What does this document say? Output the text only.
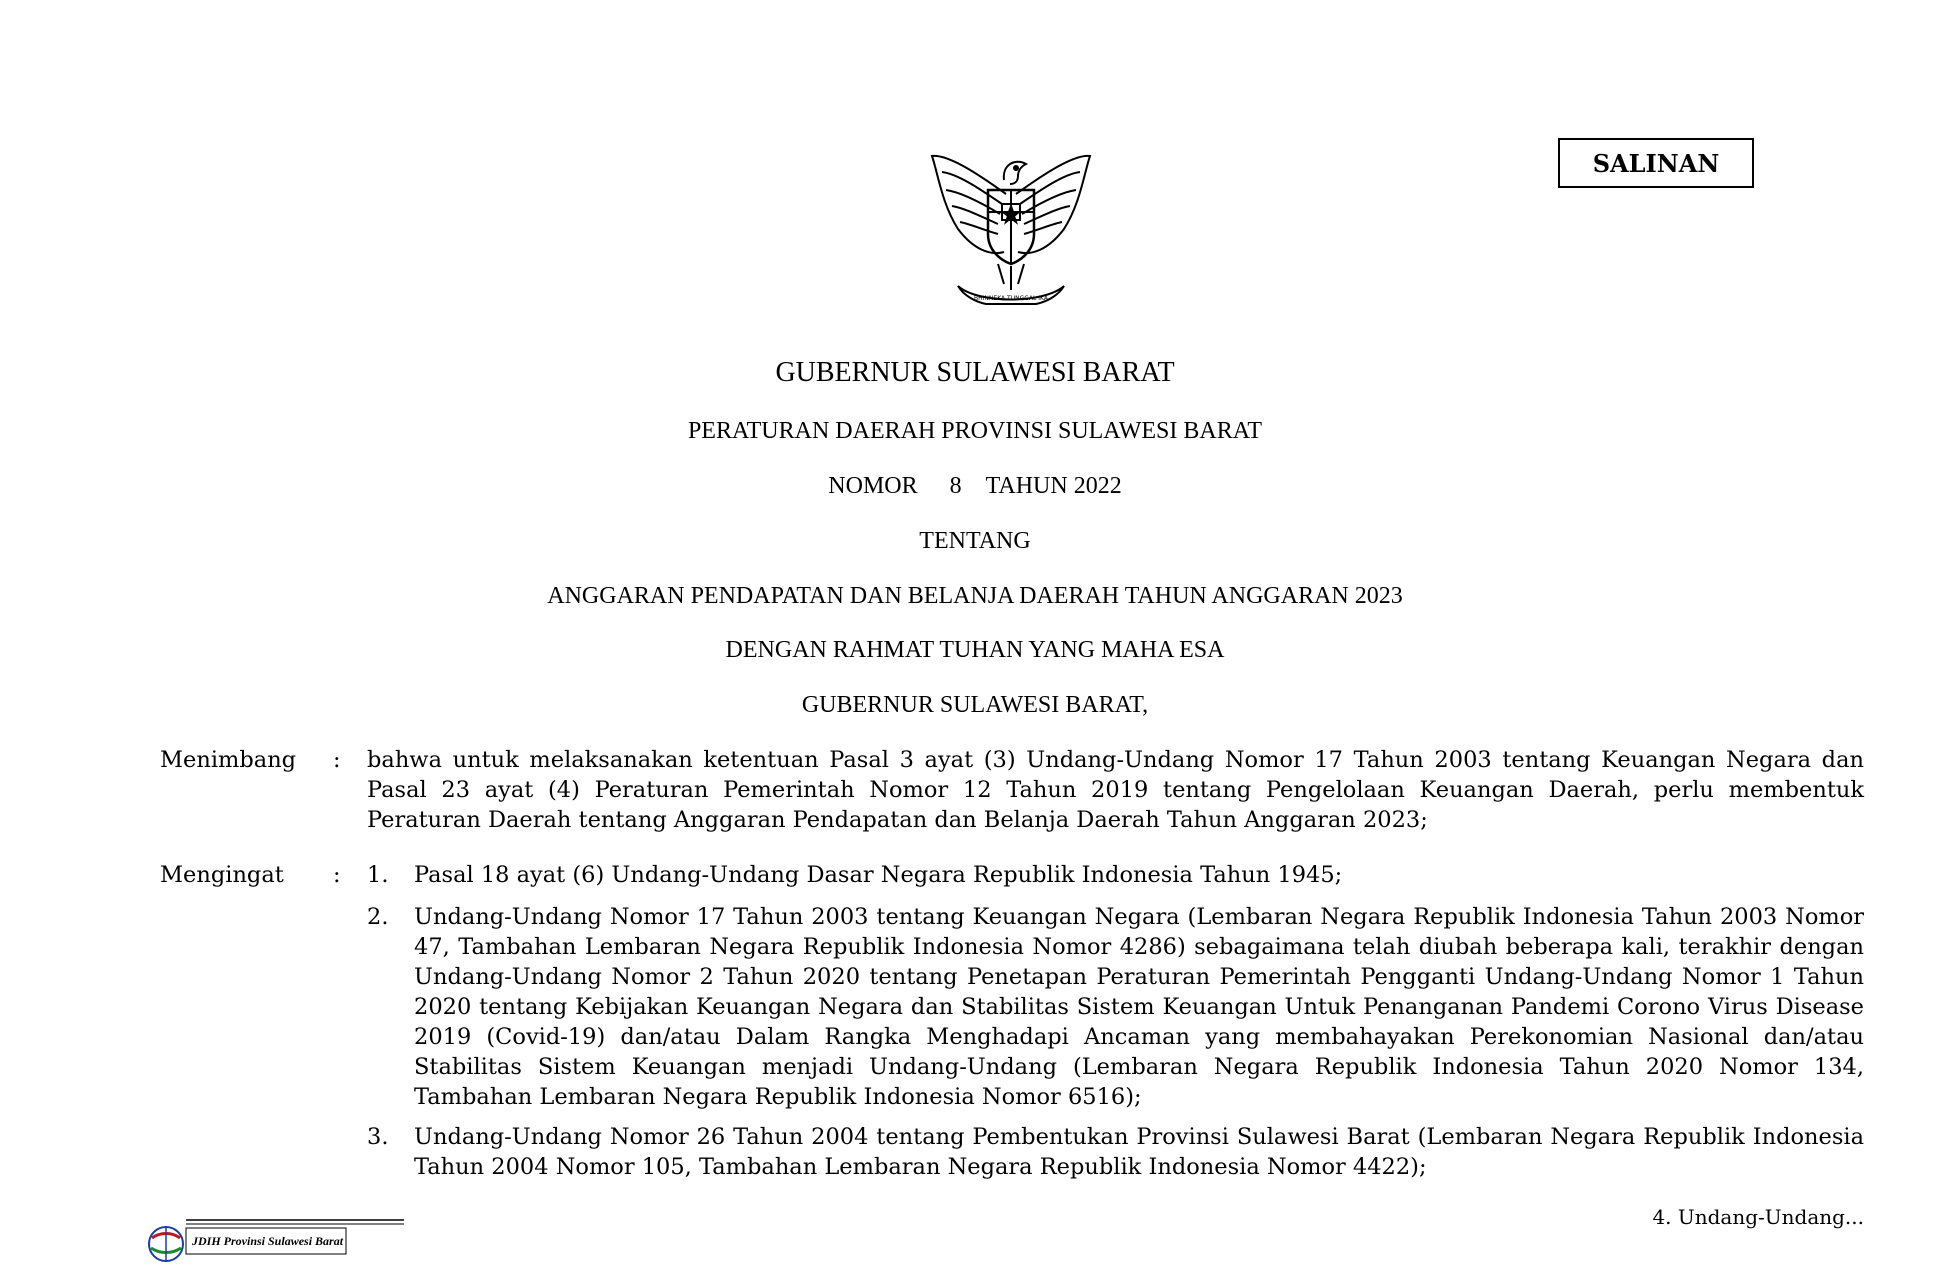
BHINNEKA TUNGGAL IKA
SALINAN
GUBERNUR SULAWESI BARAT
PERATURAN DAERAH PROVINSI SULAWESI BARAT
NOMOR 8 TAHUN 2022
TENTANG
ANGGARAN PENDAPATAN DAN BELANJA DAERAH TAHUN ANGGARAN 2023
DENGAN RAHMAT TUHAN YANG MAHA ESA
GUBERNUR SULAWESI BARAT,
Menimbang : bahwa untuk melaksanakan ketentuan Pasal 3 ayat (3) Undang-Undang Nomor 17 Tahun 2003 tentang Keuangan Negara dan Pasal 23 ayat (4) Peraturan Pemerintah Nomor 12 Tahun 2019 tentang Pengelolaan Keuangan Daerah, perlu membentuk Peraturan Daerah tentang Anggaran Pendapatan dan Belanja Daerah Tahun Anggaran 2023;
Mengingat : 1. Pasal 18 ayat (6) Undang-Undang Dasar Negara Republik Indonesia Tahun 1945;
2. Undang-Undang Nomor 17 Tahun 2003 tentang Keuangan Negara (Lembaran Negara Republik Indonesia Tahun 2003 Nomor 47, Tambahan Lembaran Negara Republik Indonesia Nomor 4286) sebagaimana telah diubah beberapa kali, terakhir dengan Undang-Undang Nomor 2 Tahun 2020 tentang Penetapan Peraturan Pemerintah Pengganti Undang-Undang Nomor 1 Tahun 2020 tentang Kebijakan Keuangan Negara dan Stabilitas Sistem Keuangan Untuk Penanganan Pandemi Corono Virus Disease 2019 (Covid-19) dan/atau Dalam Rangka Menghadapi Ancaman yang membahayakan Perekonomian Nasional dan/atau Stabilitas Sistem Keuangan menjadi Undang-Undang (Lembaran Negara Republik Indonesia Tahun 2020 Nomor 134, Tambahan Lembaran Negara Republik Indonesia Nomor 6516);
3. Undang-Undang Nomor 26 Tahun 2004 tentang Pembentukan Provinsi Sulawesi Barat (Lembaran Negara Republik Indonesia Tahun 2004 Nomor 105, Tambahan Lembaran Negara Republik Indonesia Nomor 4422);
4. Undang-Undang...
JDIH Provinsi Sulawesi Barat
